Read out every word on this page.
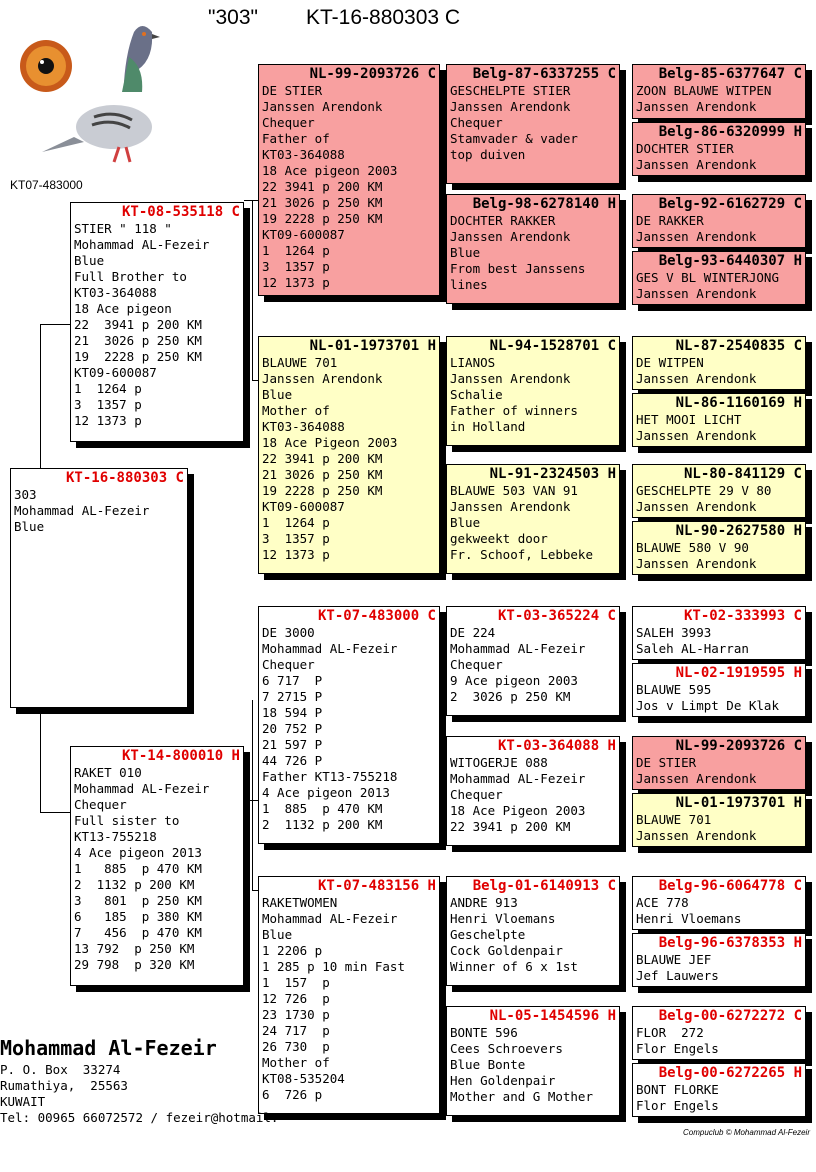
"303" KT-16-880303 C
KT07-483000
KT-16-880303 C
303
Mohammad AL-Fezeir
Blue
KT-08-535118 C
STIER " 118 "
Mohammad AL-Fezeir
Blue
Full Brother to
KT03-364088
18 Ace pigeon
22  3941 p 200 KM
21  3026 p 250 KM
19  2228 p 250 KM
KT09-600087
1  1264 p
3  1357 p
12 1373 p
KT-14-800010 H
RAKET 010
Mohammad AL-Fezeir
Chequer
Full sister to
KT13-755218
4 Ace pigeon 2013
1   885  p 470 KM
2  1132 p 200 KM
3   801  p 250 KM
6   185  p 380 KM
7   456  p 470 KM
13 792  p 250 KM
29 798  p 320 KM
NL-99-2093726 C
DE STIER
Janssen Arendonk
Chequer
Father of
KT03-364088
18 Ace pigeon 2003
22 3941 p 200 KM
21 3026 p 250 KM
19 2228 p 250 KM
KT09-600087
1  1264 p
3  1357 p
12 1373 p
NL-01-1973701 H
BLAUWE 701
Janssen Arendonk
Blue
Mother of
KT03-364088
18 Ace Pigeon 2003
22 3941 p 200 KM
21 3026 p 250 KM
19 2228 p 250 KM
KT09-600087
1  1264 p
3  1357 p
12 1373 p
KT-07-483000 C
DE 3000
Mohammad AL-Fezeir
Chequer
6 717  P
7 2715 P
18 594 P
20 752 P
21 597 P
44 726 P
Father KT13-755218
4 Ace pigeon 2013
1  885  p 470 KM
2  1132 p 200 KM
KT-07-483156 H
RAKETWOMEN
Mohammad AL-Fezeir
Blue
1 2206 p
1 285 p 10 min Fast
1  157  p
12 726  p
23 1730 p
24 717  p
26 730  p
Mother of
KT08-535204
6  726 p
Belg-87-6337255 C
GESCHELPTE STIER
Janssen Arendonk
Chequer
Stamvader & vader
top duiven
Belg-98-6278140 H
DOCHTER RAKKER
Janssen Arendonk
Blue
From best Janssens
lines
NL-94-1528701 C
LIANOS
Janssen Arendonk
Schalie
Father of winners
in Holland
NL-91-2324503 H
BLAUWE 503 VAN 91
Janssen Arendonk
Blue
gekweekt door
Fr. Schoof, Lebbeke
KT-03-365224 C
DE 224
Mohammad AL-Fezeir
Chequer
9 Ace pigeon 2003
2  3026 p 250 KM
KT-03-364088 H
WITOGERJE 088
Mohammad AL-Fezeir
Chequer
18 Ace Pigeon 2003
22 3941 p 200 KM
Belg-01-6140913 C
ANDRE 913
Henri Vloemans
Geschelpte
Cock Goldenpair
Winner of 6 x 1st
NL-05-1454596 H
BONTE 596
Cees Schroevers
Blue Bonte
Hen Goldenpair
Mother and G Mother
Belg-85-6377647 C
ZOON BLAUWE WITPEN
Janssen Arendonk
Belg-86-6320999 H
DOCHTER STIER
Janssen Arendonk
Belg-92-6162729 C
DE RAKKER
Janssen Arendonk
Belg-93-6440307 H
GES V BL WINTERJONG
Janssen Arendonk
NL-87-2540835 C
DE WITPEN
Janssen Arendonk
NL-86-1160169 H
HET MOOI LICHT
Janssen Arendonk
NL-80-841129 C
GESCHELPTE 29 V 80
Janssen Arendonk
NL-90-2627580 H
BLAUWE 580 V 90
Janssen Arendonk
KT-02-333993 C
SALEH 3993
Saleh AL-Harran
NL-02-1919595 H
BLAUWE 595
Jos v Limpt De Klak
NL-99-2093726 C
DE STIER
Janssen Arendonk
NL-01-1973701 H
BLAUWE 701
Janssen Arendonk
Belg-96-6064778 C
ACE 778
Henri Vloemans
Belg-96-6378353 H
BLAUWE JEF
Jef Lauwers
Belg-00-6272272 C
FLOR  272
Flor Engels
Belg-00-6272265 H
BONT FLORKE
Flor Engels
Mohammad Al-Fezeir
P. O. Box  33274
Rumathiya,  25563
KUWAIT
Tel: 00965 66072572 / fezeir@hotmail.
Compuclub © Mohammad Al-Fezeir
